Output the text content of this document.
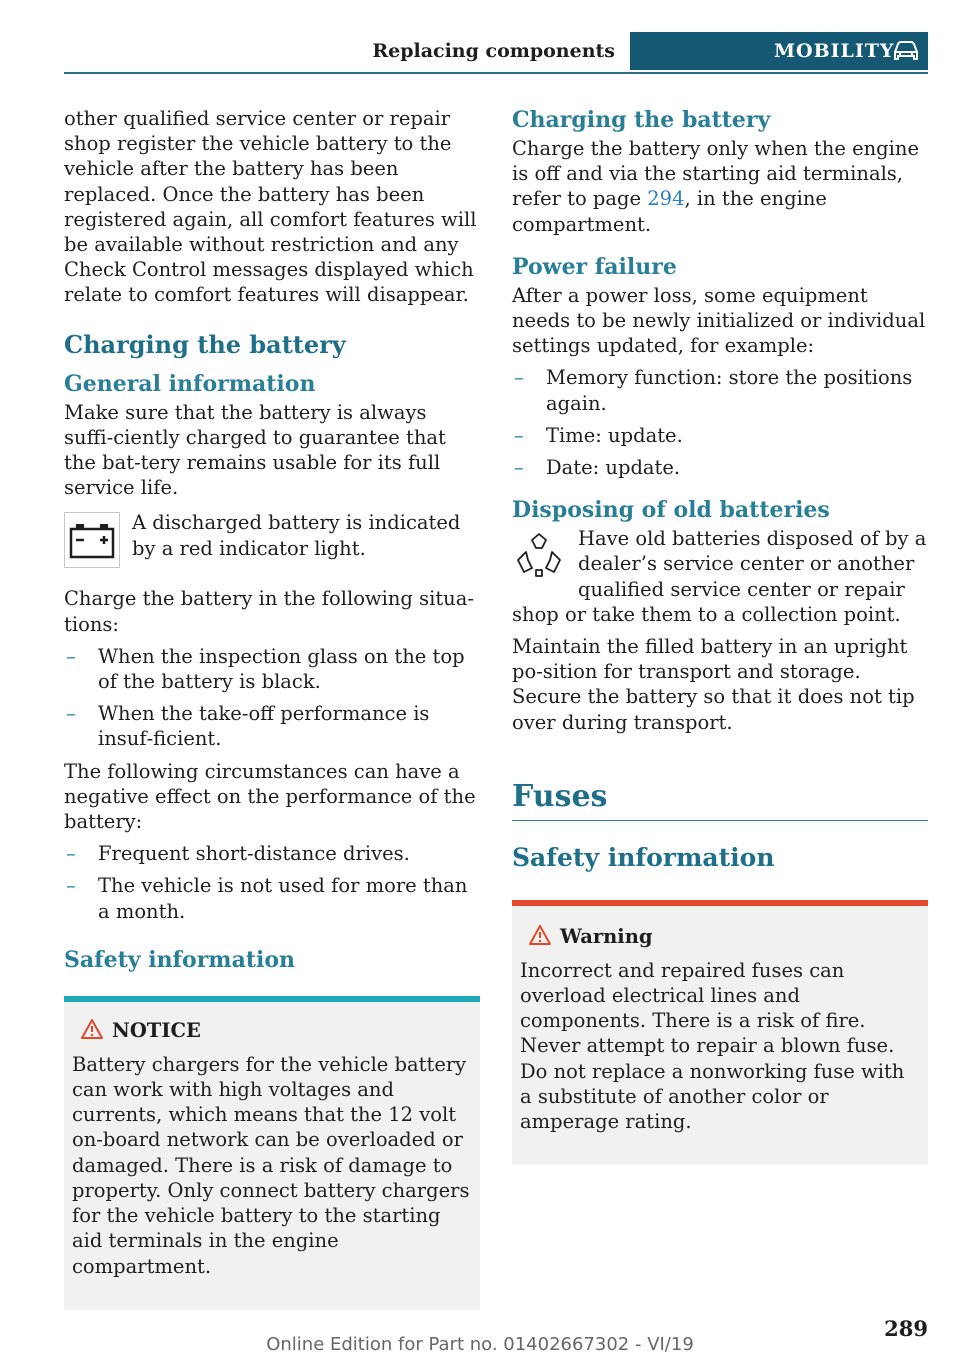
Replacing components	MOBILITY

other qualified service center or repair shop register the vehicle battery to the vehicle after the battery has been replaced. Once the battery has been registered again, all comfort features will be available without restriction and any Check Control messages displayed which relate to comfort features will disappear.

Charging the battery
General information

Make sure that the battery is always suffi‐ciently charged to guarantee that the bat‐tery remains usable for its full service life.

A discharged battery is indicated by a red indicator light.

Charge the battery in the following situa‐tions:

– When the inspection glass on the top of the battery is black.
– When the take-off performance is insuf‐ficient.

The following circumstances can have a negative effect on the performance of the battery:

– Frequent short-distance drives.
– The vehicle is not used for more than a month.
Safety information
NOTICE

Battery chargers for the vehicle battery can work with high voltages and currents, which means that the 12 volt on-board network can be overloaded or damaged. There is a risk of damage to property. Only connect battery chargers for the vehicle battery to the starting aid terminals in the engine compartment.

Charging the battery

Charge the battery only when the engine is off and via the starting aid terminals, refer to page 294, in the engine compartment.

Power failure

After a power loss, some equipment needs to be newly initialized or individual settings updated, for example:

– Memory function: store the positions again.
– Time: update.
– Date: update.
Disposing of old batteries

Have old batteries disposed of by a dealer’s service center or another qualified service center or repair

shop or take them to a collection point.

Maintain the filled battery in an upright po‐sition for transport and storage. Secure the battery so that it does not tip over during transport.

Fuses
Safety information
Warning

Incorrect and repaired fuses can overload electrical lines and components. There is a risk of fire. Never attempt to repair a blown fuse. Do not replace a nonworking fuse with a substitute of another color or amperage rating.

289
Online Edition for Part no. 01402667302 - VI/19
